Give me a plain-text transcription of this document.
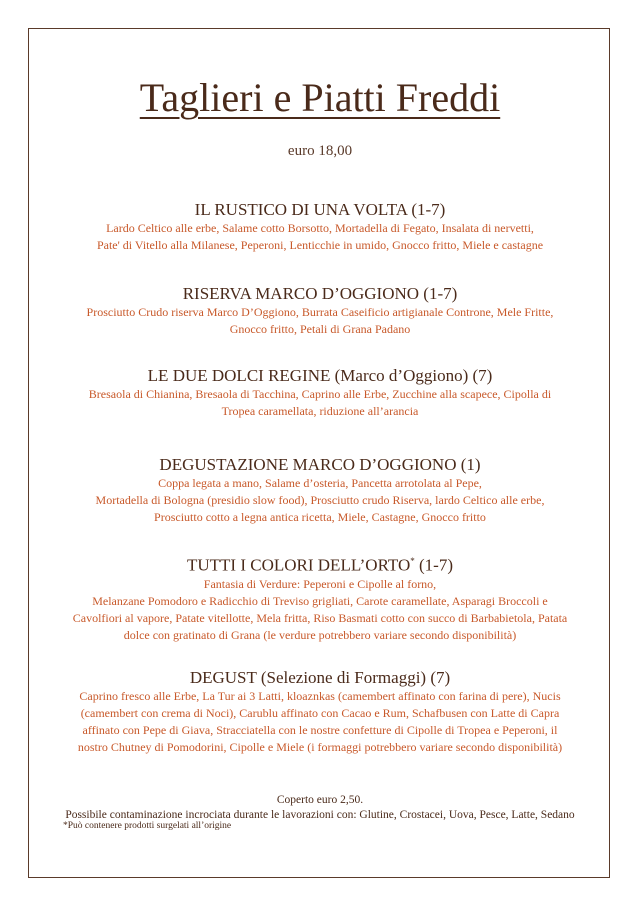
Taglieri e Piatti Freddi
euro 18,00
IL RUSTICO DI UNA VOLTA (1-7)
Lardo Celtico alle erbe, Salame cotto Borsotto, Mortadella di Fegato, Insalata di nervetti,
Pate' di Vitello alla Milanese, Peperoni, Lenticchie in umido, Gnocco fritto, Miele e castagne
RISERVA MARCO D’OGGIONO (1-7)
Prosciutto Crudo riserva Marco D’Oggiono, Burrata Caseificio artigianale Controne, Mele Fritte,
Gnocco fritto, Petali di Grana Padano
LE DUE DOLCI REGINE (Marco d’Oggiono) (7)
Bresaola di Chianina, Bresaola di Tacchina, Caprino alle Erbe, Zucchine alla scapece, Cipolla di
Tropea caramellata, riduzione all’arancia
DEGUSTAZIONE MARCO D’OGGIONO (1)
Coppa legata a mano, Salame d’osteria, Pancetta arrotolata al Pepe,
Mortadella di Bologna (presidio slow food), Prosciutto crudo Riserva, lardo Celtico alle erbe,
Prosciutto cotto a legna antica ricetta, Miele, Castagne, Gnocco fritto
TUTTI I COLORI DELL’ORTO* (1-7)
Fantasia di Verdure: Peperoni e Cipolle al forno,
Melanzane Pomodoro e Radicchio di Treviso grigliati, Carote caramellate, Asparagi Broccoli e
Cavolfiori al vapore, Patate vitellotte, Mela fritta, Riso Basmati cotto con succo di Barbabietola, Patata
dolce con gratinato di Grana (le verdure potrebbero variare secondo disponibilità)
DEGUST (Selezione di Formaggi) (7)
Caprino fresco alle Erbe, La Tur ai 3 Latti, kloaznkas (camembert affinato con farina di pere), Nucis
(camembert con crema di Noci), Carublu affinato con Cacao e Rum, Schafbusen con Latte di Capra
affinato con Pepe di Giava, Stracciatella con le nostre confetture di Cipolle di Tropea e Peperoni, il
nostro Chutney di Pomodorini, Cipolle e Miele (i formaggi potrebbero variare secondo disponibilità)
Coperto euro 2,50.
Possibile contaminazione incrociata durante le lavorazioni con: Glutine, Crostacei, Uova, Pesce, Latte, Sedano
*Può contenere prodotti surgelati all’origine
